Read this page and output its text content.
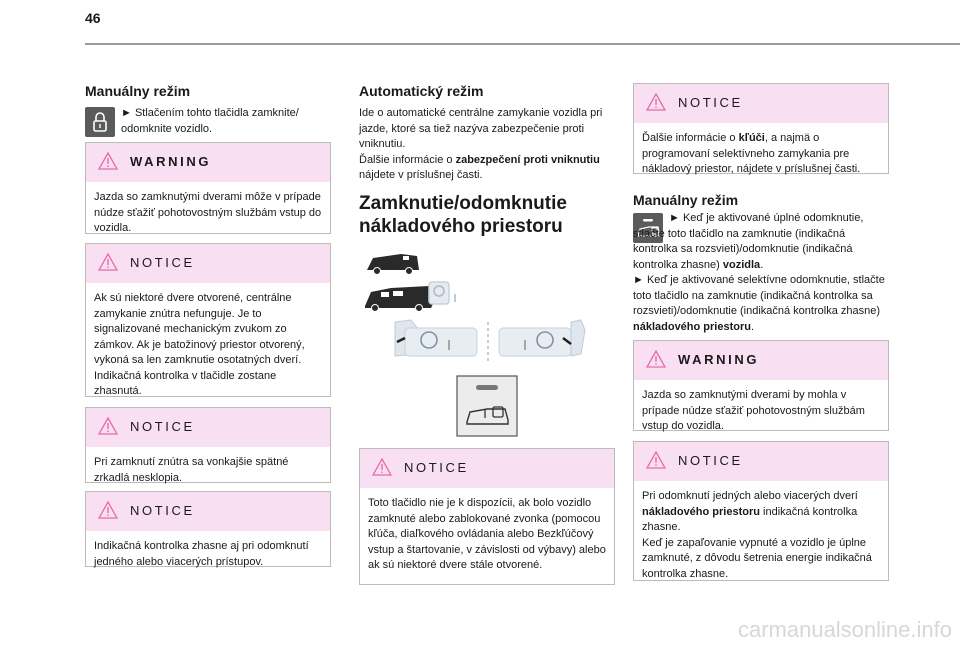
46
Manuálny režim

► Stlačením tohto tlačidla zamknite/ odomknite vozidlo.

WARNING
Jazda so zamknutými dverami môže v prípade núdze sťažiť pohotovostným službám vstup do vozidla.
NOTICE
Ak sú niektoré dvere otvorené, centrálne zamykanie znútra nefunguje. Je to signalizované mechanickým zvukom zo zámkov. Ak je batožinový priestor otvorený, vykoná sa len zamknutie osotatných dverí. Indikačná kontrolka v tlačidle zostane zhasnutá.
NOTICE
Pri zamknutí znútra sa vonkajšie spätné zrkadlá nesklopia.
NOTICE
Indikačná kontrolka zhasne aj pri odomknutí jedného alebo viacerých prístupov.
Automatický režim

Ide o automatické centrálne zamykanie vozidla pri jazde, ktoré sa tiež nazýva zabezpečenie proti vniknutiu.
Ďalšie informácie o zabezpečení proti vniknutiu nájdete v príslušnej časti.

Zamknutie/odomknutie
nákladového priestoru
NOTICE
Toto tlačidlo nie je k dispozícii, ak bolo vozidlo zamknuté alebo zablokované zvonka (pomocou kľúča, diaľkového ovládania alebo Bezkľúčový vstup a štartovanie, v závislosti od výbavy) alebo ak sú niektoré dvere stále otvorené.
NOTICE
Ďalšie informácie o kľúči, a najmä o programovaní selektívneho zamykania pre nákladový priestor, nájdete v príslušnej časti.
Manuálny režim

► Keď je aktivované úplné odomknutie, stlačte toto tlačidlo na zamknutie (indikačná kontrolka sa rozsvieti)/odomknutie (indikačná kontrolka zhasne) vozidla.
► Keď je aktivované selektívne odomknutie, stlačte toto tlačidlo na zamknutie (indikačná kontrolka sa rozsvieti)/odomknutie (indikačná kontrolka zhasne) nákladového priestoru.

WARNING
Jazda so zamknutými dverami by mohla v prípade núdze sťažiť pohotovostným službám vstup do vozidla.
NOTICE
Pri odomknutí jedných alebo viacerých dverí nákladového priestoru indikačná kontrolka zhasne.
Keď je zapaľovanie vypnuté a vozidlo je úplne zamknuté, z dôvodu šetrenia energie indikačná kontrolka zhasne.
carmanualsonline.info
